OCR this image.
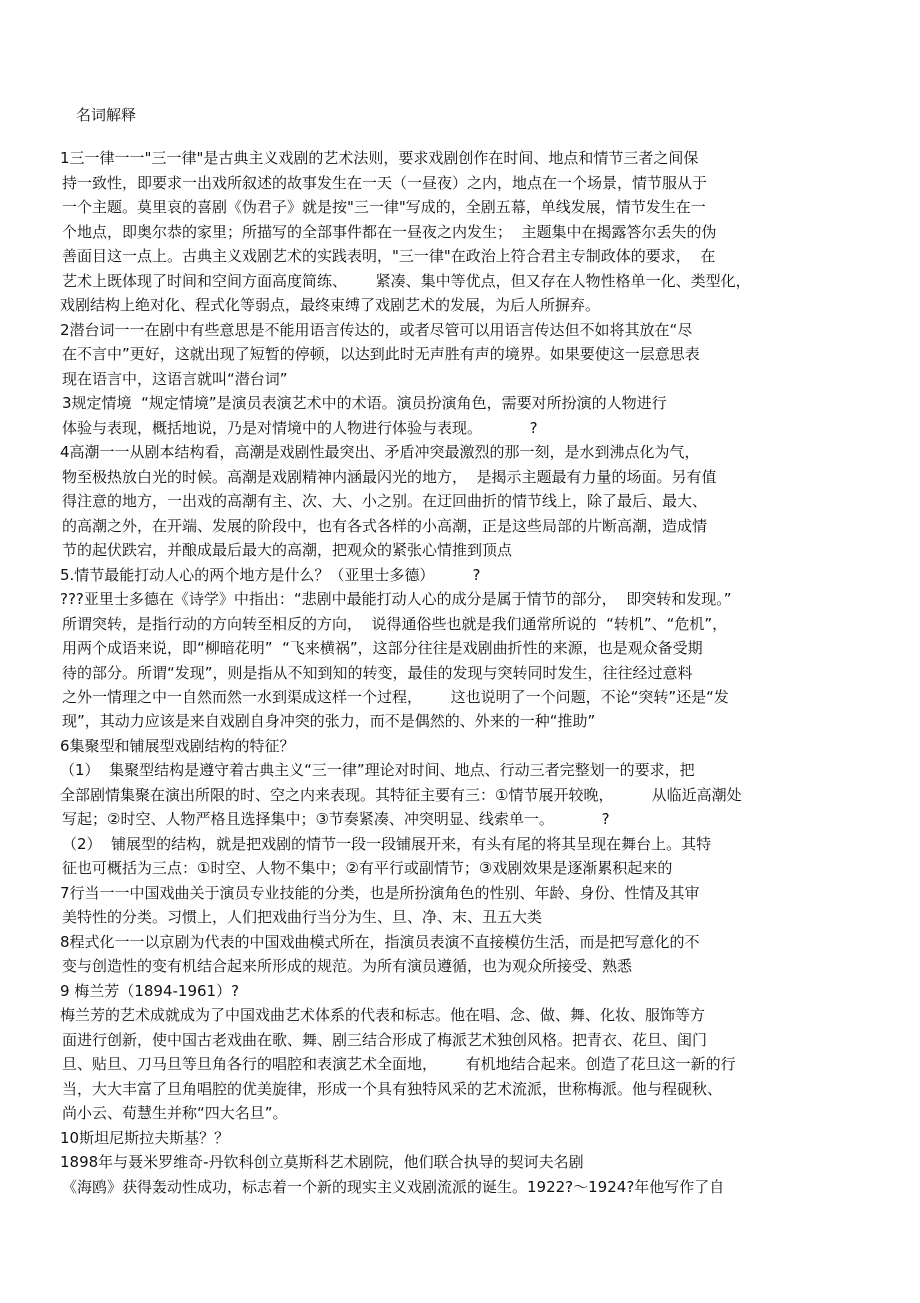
名词解释
1三一律一一"三一律"是古典主义戏剧的艺术法则，要求戏剧创作在时间、地点和情节三者之间保
持一致性，即要求一出戏所叙述的故事发生在一天（一昼夜）之内，地点在一个场景，情节服从于
一个主题。莫里哀的喜剧《伪君子》就是按"三一律"写成的，全剧五幕，单线发展，情节发生在一
个地点，即奥尔恭的家里；所描写的全部事件都在一昼夜之内发生；  主题集中在揭露答尔丢失的伪
善面目这一点上。古典主义戏剧艺术的实践表明，"三一律"在政治上符合君主专制政体的要求，  在
艺术上既体现了时间和空间方面高度简练、      紧凑、集中等优点，但又存在人物性格单一化、类型化，
戏剧结构上绝对化、程式化等弱点，最终束缚了戏剧艺术的发展，为后人所摒弃。
2潜台词一一在剧中有些意思是不能用语言传达的，或者尽管可以用语言传达但不如将其放在“尽
在不言中”更好，这就出现了短暂的停顿，以达到此时无声胜有声的境界。如果要使这一层意思表
现在语言中，这语言就叫“潜台词”
3规定情境  “规定情境”是演员表演艺术中的术语。演员扮演角色，需要对所扮演的人物进行
体验与表现，概括地说，乃是对情境中的人物进行体验与表现。          ?
4高潮一一从剧本结构看，高潮是戏剧性最突出、矛盾冲突最激烈的那一刻，是水到沸点化为气，
物至极热放白光的时候。高潮是戏剧精神内涵最闪光的地方，  是揭示主题最有力量的场面。另有值
得注意的地方，一出戏的高潮有主、次、大、小之别。在迂回曲折的情节线上，除了最后、最大、
的高潮之外，在开端、发展的阶段中，也有各式各样的小高潮，正是这些局部的片断高潮，造成情
节的起伏跌宕，并酿成最后最大的高潮，把观众的紧张心情推到顶点
5.情节最能打动人心的两个地方是什么？（亚里士多德）        ?
???亚里士多德在《诗学》中指出：“悲剧中最能打动人心的成分是属于情节的部分，  即突转和发现。”
所谓突转，是指行动的方向转至相反的方向，  说得通俗些也就是我们通常所说的  “转机”、“危机”，
用两个成语来说，即“柳暗花明”  “飞来横祸”，这部分往往是戏剧曲折性的来源，也是观众备受期
待的部分。所谓“发现”，则是指从不知到知的转变，最佳的发现与突转同时发生，往往经过意料
之外一情理之中一自然而然一水到渠成这样一个过程，      这也说明了一个问题，不论“突转”还是“发
现”，其动力应该是来自戏剧自身冲突的张力，而不是偶然的、外来的一种“推助”
6集聚型和铺展型戏剧结构的特征？
（1）  集聚型结构是遵守着古典主义“三一律”理论对时间、地点、行动三者完整划一的要求，把
全部剧情集聚在演出所限的时、空之内来表现。其特征主要有三：①情节展开较晚，        从临近高潮处
写起；②时空、人物严格且选择集中；③节奏紧凑、冲突明显、线索单一。          ?
（2）  铺展型的结构，就是把戏剧的情节一段一段铺展开来，有头有尾的将其呈现在舞台上。其特
征也可概括为三点：①时空、人物不集中；②有平行或副情节；③戏剧效果是逐渐累积起来的
7行当一一中国戏曲关于演员专业技能的分类，也是所扮演角色的性别、年龄、身份、性情及其审
美特性的分类。习惯上，人们把戏曲行当分为生、旦、净、末、丑五大类
8程式化一一以京剧为代表的中国戏曲模式所在，指演员表演不直接模仿生活，而是把写意化的不
变与创造性的变有机结合起来所形成的规范。为所有演员遵循，也为观众所接受、熟悉
9 梅兰芳（1894-1961）?
梅兰芳的艺术成就成为了中国戏曲艺术体系的代表和标志。他在唱、念、做、舞、化妆、服饰等方
面进行创新，使中国古老戏曲在歌、舞、剧三结合形成了梅派艺术独创风格。把青衣、花旦、闺门
旦、贴旦、刀马旦等旦角各行的唱腔和表演艺术全面地，      有机地结合起来。创造了花旦这一新的行
当，大大丰富了旦角唱腔的优美旋律，形成一个具有独特风采的艺术流派，世称梅派。他与程砚秋、
尚小云、荀慧生并称“四大名旦”。
10斯坦尼斯拉夫斯基？？
1898年与聂米罗维奇-丹钦科创立莫斯科艺术剧院，他们联合执导的契诃夫名剧
《海鸥》获得轰动性成功，标志着一个新的现实主义戏剧流派的诞生。1922?～1924?年他写作了自
